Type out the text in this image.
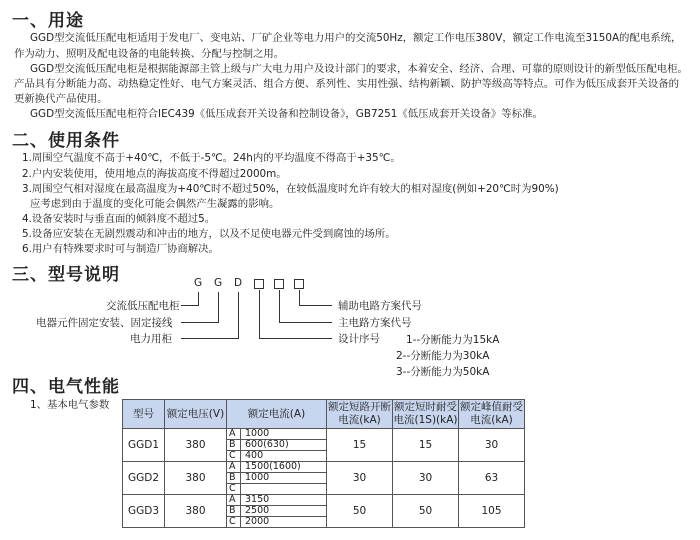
一、用途
GGD型交流低压配电柜适用于发电厂、变电站、厂矿企业等电力用户的交流50Hz，额定工作电压380V，额定工作电流至3150A的配电系统，
作为动力、照明及配电设备的电能转换、分配与控制之用。
GGD型交流低压配电柜是根据能源部主管上级与广大电力用户及设计部门的要求，本着安全、经济、合理、可靠的原则设计的新型低压配电柜。
产品具有分断能力高、动热稳定性好、电气方案灵活、组合方便、系列性、实用性强、结构新颖、防护等级高等特点。可作为低压成套开关设备的
更新换代产品使用。
GGD型交流低压配电柜符合IEC439《低压成套开关设备和控制设备》，GB7251《低压成套开关设备》等标准。
二、使用条件
1.周围空气温度不高于+40℃，不低于-5℃。24h内的平均温度不得高于+35℃。
2.户内安装使用，使用地点的海拔高度不得超过2000m。
3.周围空气相对湿度在最高温度为+40℃时不超过50%，在较低温度时允许有较大的相对湿度(例如+20℃时为90%)
应考虑到由于温度的变化可能会偶然产生凝露的影响。
4.设备安装时与垂直面的倾斜度不超过5。
5.设备应安装在无剧烈震动和冲击的地方，以及不足使电器元件受到腐蚀的场所。
6.用户有特殊要求时可与制造厂协商解决。
三、型号说明	G G D
交流低压配电柜
电器元件固定安装、固定接线
电力用柜
辅助电路方案代号
主电路方案代号
设计序号 1--分断能力为15kA
2--分断能力为30kA
3--分断能力为50kA
四、电气性能
1、基本电气参数
型号	额定电压(V)	额定电流(A)		额定短路开断电流(kA)	额定短时耐受电流(1S)(kA)	额定峰值耐受电流(kA)
GGD1	380	A	1000	15	15	30
		B	600(630)			
		C	400			
GGD2	380	A	1500(1600)	30	30	63
		B	1000			
		C				
GGD3	380	A	3150	50	50	105
		B	2500			
		C	2000			
